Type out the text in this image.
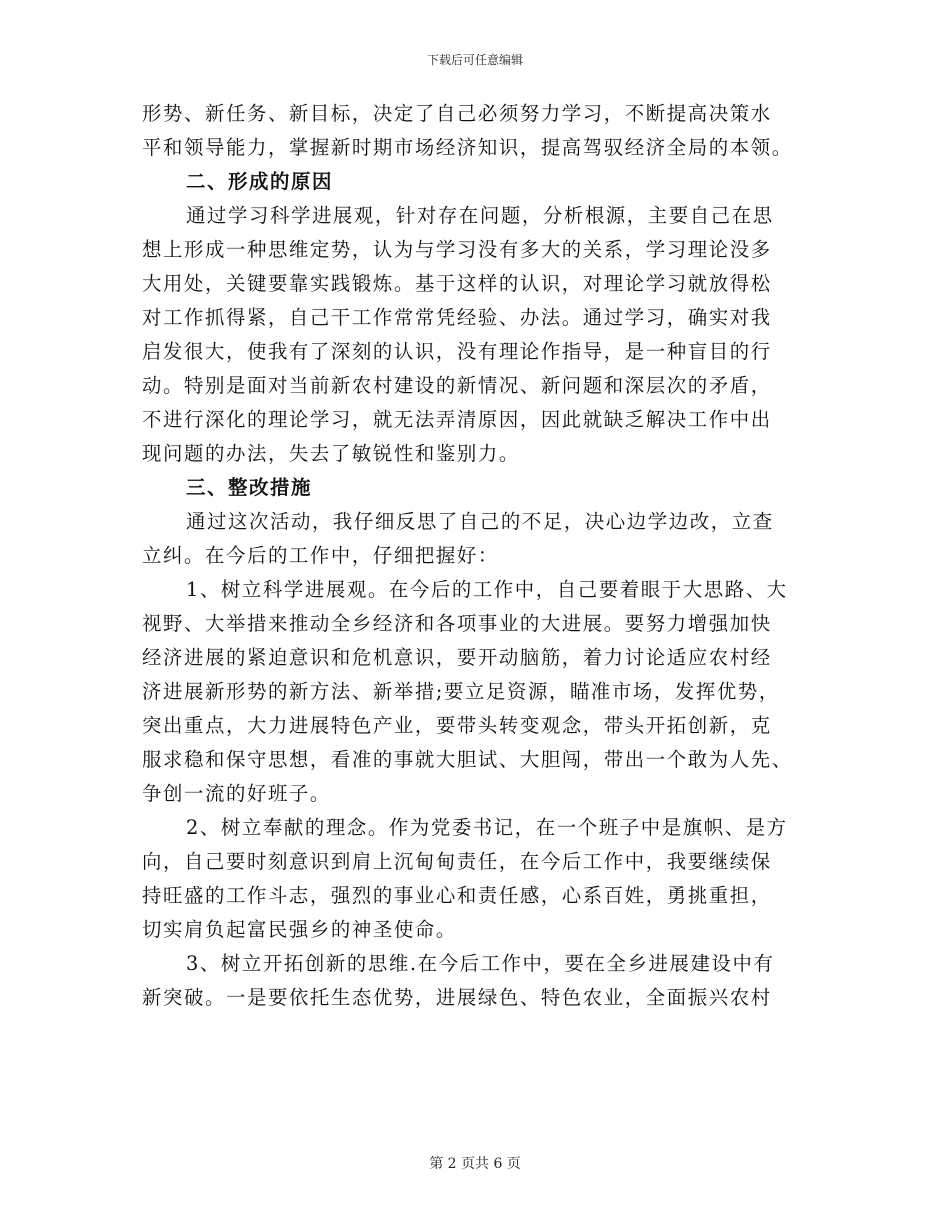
下载后可任意编辑
形势、新任务、新目标，决定了自己必须努力学习，不断提高决策水
平和领导能力，掌握新时期市场经济知识，提高驾驭经济全局的本领。
二、形成的原因
通过学习科学进展观，针对存在问题，分析根源，主要自己在思
想上形成一种思维定势，认为与学习没有多大的关系，学习理论没多
大用处，关键要靠实践锻炼。基于这样的认识，对理论学习就放得松
对工作抓得紧，自己干工作常常凭经验、办法。通过学习，确实对我
启发很大，使我有了深刻的认识，没有理论作指导，是一种盲目的行
动。特别是面对当前新农村建设的新情况、新问题和深层次的矛盾，
不进行深化的理论学习，就无法弄清原因，因此就缺乏解决工作中出
现问题的办法，失去了敏锐性和鉴别力。
三、整改措施
通过这次活动，我仔细反思了自己的不足，决心边学边改，立查
立纠。在今后的工作中，仔细把握好：
1、树立科学进展观。在今后的工作中，自己要着眼于大思路、大
视野、大举措来推动全乡经济和各项事业的大进展。要努力增强加快
经济进展的紧迫意识和危机意识，要开动脑筋，着力讨论适应农村经
济进展新形势的新方法、新举措;要立足资源，瞄准市场，发挥优势，
突出重点，大力进展特色产业，要带头转变观念，带头开拓创新，克
服求稳和保守思想，看准的事就大胆试、大胆闯，带出一个敢为人先、
争创一流的好班子。
2、树立奉献的理念。作为党委书记，在一个班子中是旗帜、是方
向，自己要时刻意识到肩上沉甸甸责任，在今后工作中，我要继续保
持旺盛的工作斗志，强烈的事业心和责任感，心系百姓，勇挑重担，
切实肩负起富民强乡的神圣使命。
3、树立开拓创新的思维.在今后工作中，要在全乡进展建设中有
新突破。一是要依托生态优势，进展绿色、特色农业，全面振兴农村
第 2 页共 6 页
